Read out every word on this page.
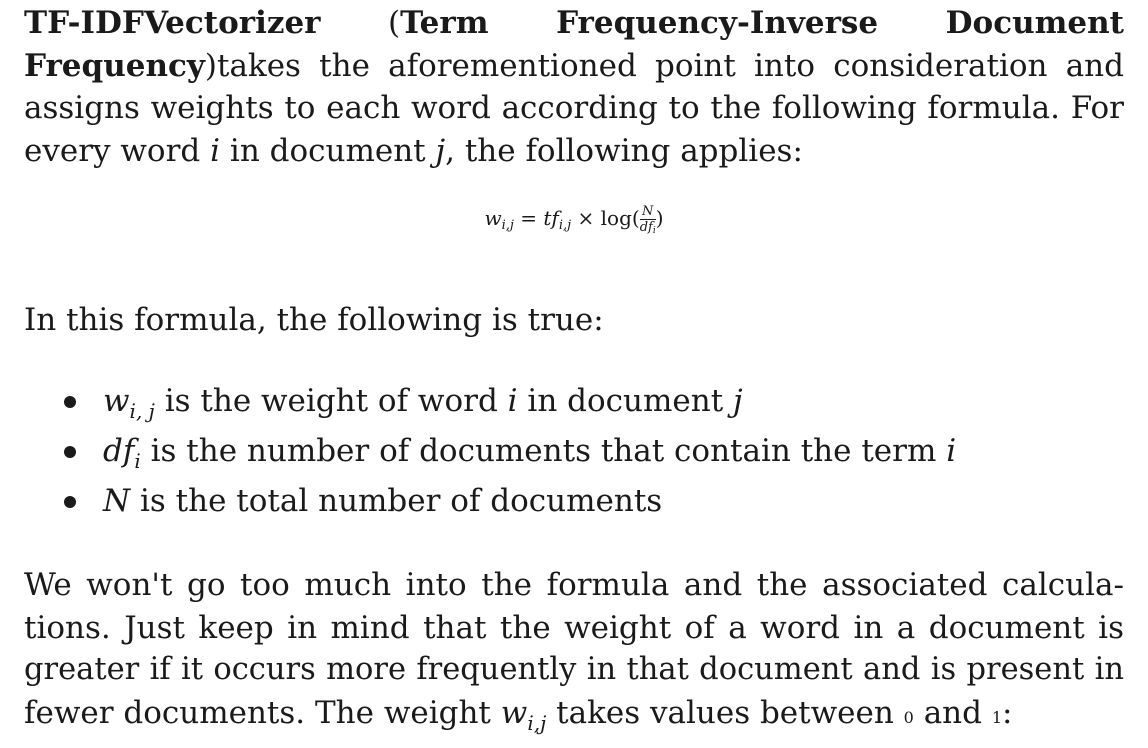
TF-IDFVectorizer (Term Frequency-Inverse Document
Frequency)takes the aforementioned point into consideration and
assigns weights to each word according to the following formula. For
every word i in document j, the following applies:
$w_{i,j} = tf_{i,j} \times \log( \frac{N}{df_i}$ )
In this formula, the following is true:
$w_{i, j}$ is the weight of word i in document j
$df_i$ is the number of documents that contain the term i
N is the total number of documents
We won't go too much into the formula and the associated calcula-
tions. Just keep in mind that the weight of a word in a document is
greater if it occurs more frequently in that document and is present in
fewer documents. The weight $w_{i,j}$ takes values between 0 and 1:
